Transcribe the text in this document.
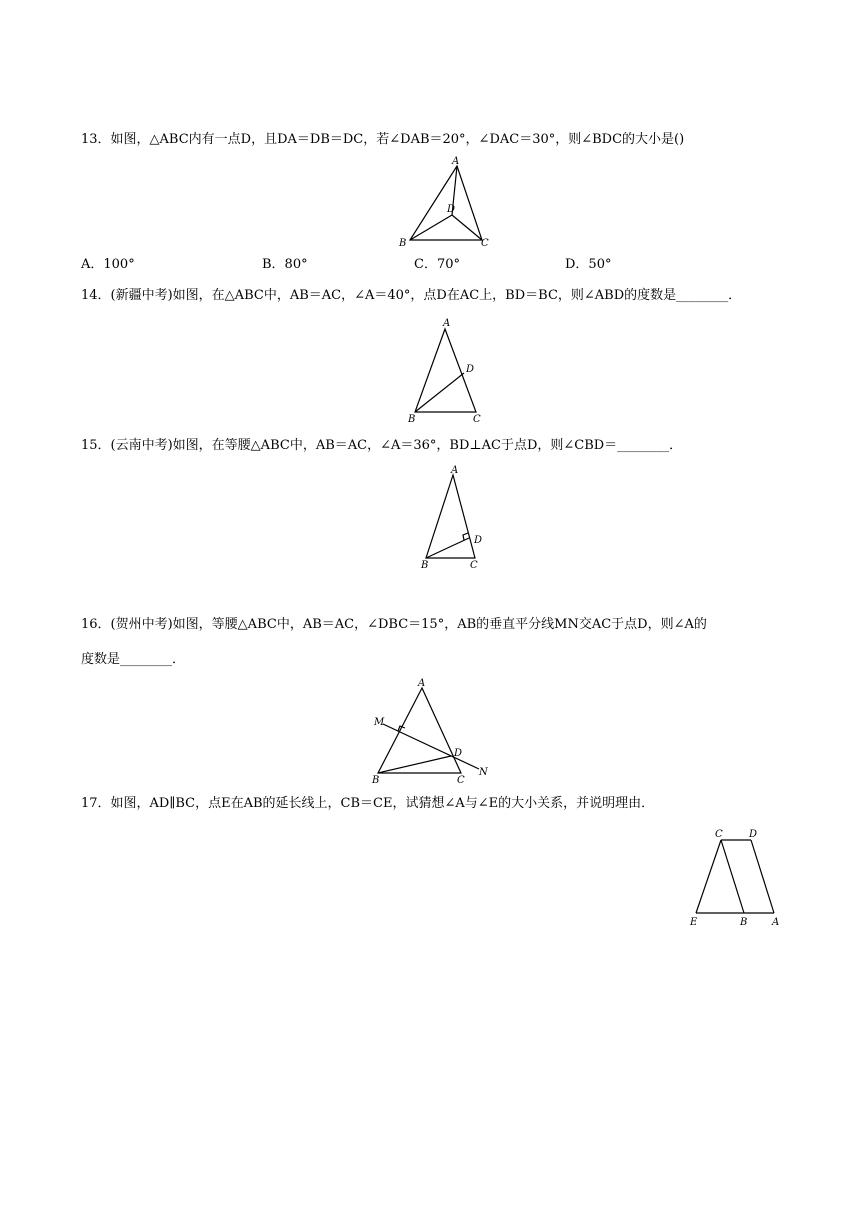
13．如图，△ABC内有一点D，且DA＝DB＝DC，若∠DAB＝20°，∠DAC＝30°，则∠BDC的大小是()
A
B	C
D
A．100°	B．80°	C．70°	D．50°
14．(新疆中考)如图，在△ABC中，AB＝AC，∠A＝40°，点D在AC上，BD＝BC，则∠ABD的度数是________．
A
B	C
D
15．(云南中考)如图，在等腰△ABC中，AB＝AC，∠A＝36°，BD⊥AC于点D，则∠CBD＝________．
A
B	C
D
16．(贺州中考)如图，等腰△ABC中，AB＝AC，∠DBC＝15°，AB的垂直平分线MN交AC于点D，则∠A的
度数是________．
A
M
D
B	C
N
17．如图，AD∥BC，点E在AB的延长线上，CB＝CE，试猜想∠A与∠E的大小关系，并说明理由．
C	D
E	B A
